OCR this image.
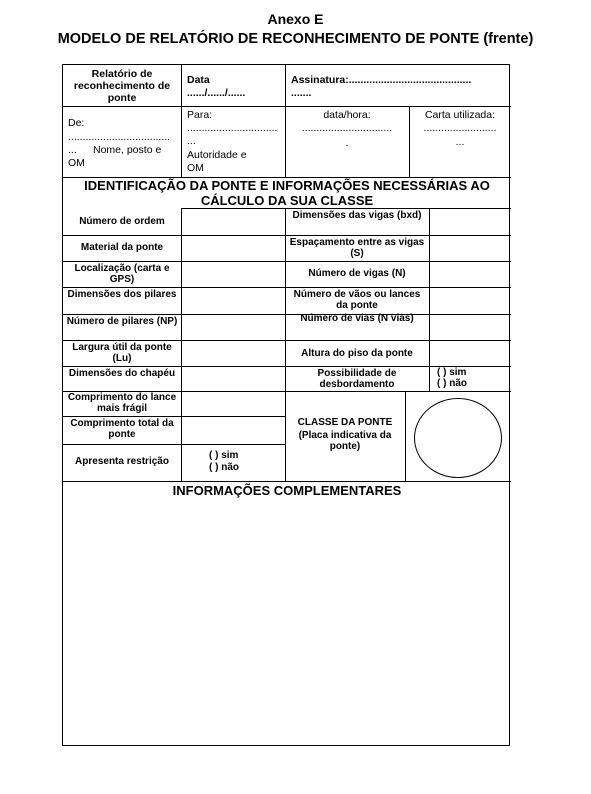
Anexo E
MODELO DE RELATÓRIO DE RECONHECIMENTO DE PONTE (frente)
Relatório de reconhecimento de ponte
Data
....../....../......
Assinatura:..........................................
.......
De:
...................................
...	Nome, posto e
OM
Para:
...............................
...
Autoridade e
OM
data/hora:
...............................
.
Carta utilizada:
.........................
...
IDENTIFICAÇÃO DA PONTE E INFORMAÇÕES NECESSÁRIAS AO
CÁLCULO DA SUA CLASSE
Número de ordem
Material da ponte
Localização (carta e GPS)
Dimensões dos pilares
Número de pilares (NP)
Largura útil da ponte (Lu)
Dimensões do chapéu
Comprimento do lance mais frágil
Comprimento total da ponte
Apresenta restrição
( ) sim
( ) não
Dimensões das vigas (bxd)
Espaçamento entre as vigas (S)
Número de vigas (N)
Número de vãos ou lances da ponte
Número de vias (N vias)
Altura do piso da ponte
Possibilidade de desbordamento
( ) sim
( ) não
CLASSE DA PONTE
(Placa indicativa da ponte)
INFORMAÇÕES COMPLEMENTARES
